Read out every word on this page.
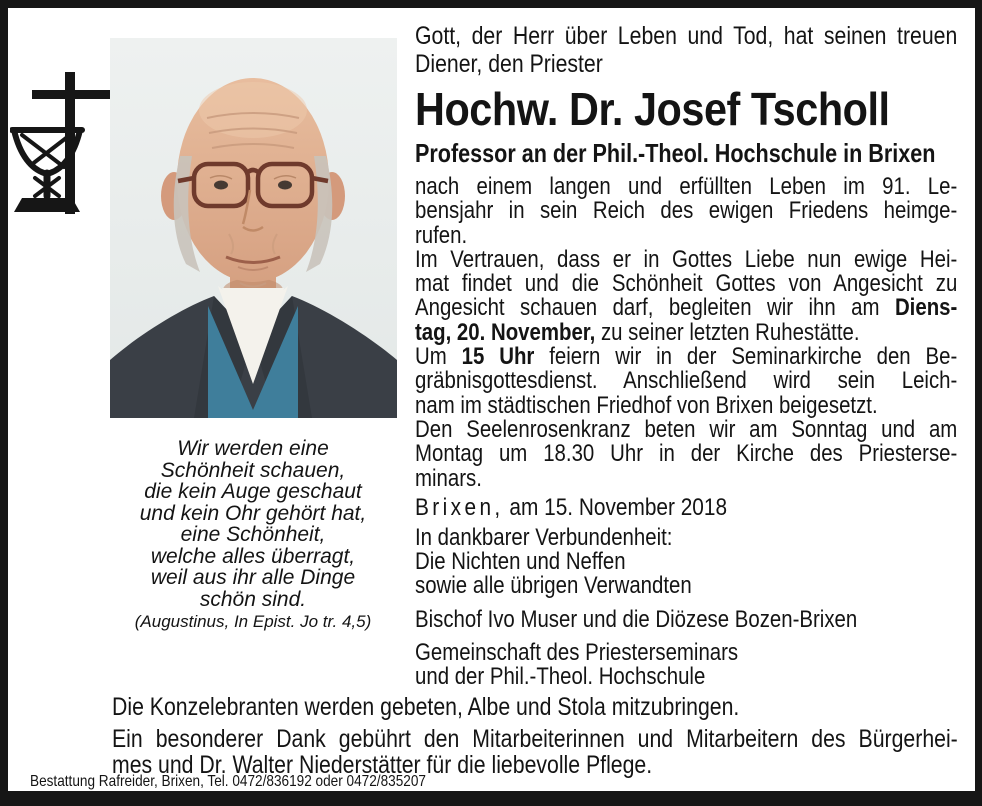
Wir werden eine
Schönheit schauen,
die kein Auge geschaut
und kein Ohr gehört hat,
eine Schönheit,
welche alles überragt,
weil aus ihr alle Dinge
schön sind.
(Augustinus, In Epist. Jo tr. 4,5)
Gott, der Herr über Leben und Tod, hat seinen treuen
Diener, den Priester
Hochw. Dr. Josef Tscholl
Professor an der Phil.-Theol. Hochschule in Brixen
nach einem langen und erfüllten Leben im 91. Le-
bensjahr in sein Reich des ewigen Friedens heimge-
rufen.
Im Vertrauen, dass er in Gottes Liebe nun ewige Hei-
mat findet und die Schönheit Gottes von Angesicht zu
Angesicht schauen darf, begleiten wir ihn am Diens-
tag, 20. November, zu seiner letzten Ruhestätte.
Um 15 Uhr feiern wir in der Seminarkirche den Be-
gräbnisgottesdienst. Anschließend wird sein Leich-
nam im städtischen Friedhof von Brixen beigesetzt.
Den Seelenrosenkranz beten wir am Sonntag und am
Montag um 18.30 Uhr in der Kirche des Priesterse-
minars.
Brixen, am 15. November 2018
In dankbarer Verbundenheit:
Die Nichten und Neffen
sowie alle übrigen Verwandten
Bischof Ivo Muser und die Diözese Bozen-Brixen
Gemeinschaft des Priesterseminars
und der Phil.-Theol. Hochschule
Die Konzelebranten werden gebeten, Albe und Stola mitzubringen.
Ein besonderer Dank gebührt den Mitarbeiterinnen und Mitarbeitern des Bürgerhei-
mes und Dr. Walter Niederstätter für die liebevolle Pflege.
Bestattung Rafreider, Brixen, Tel. 0472/836192 oder 0472/835207
